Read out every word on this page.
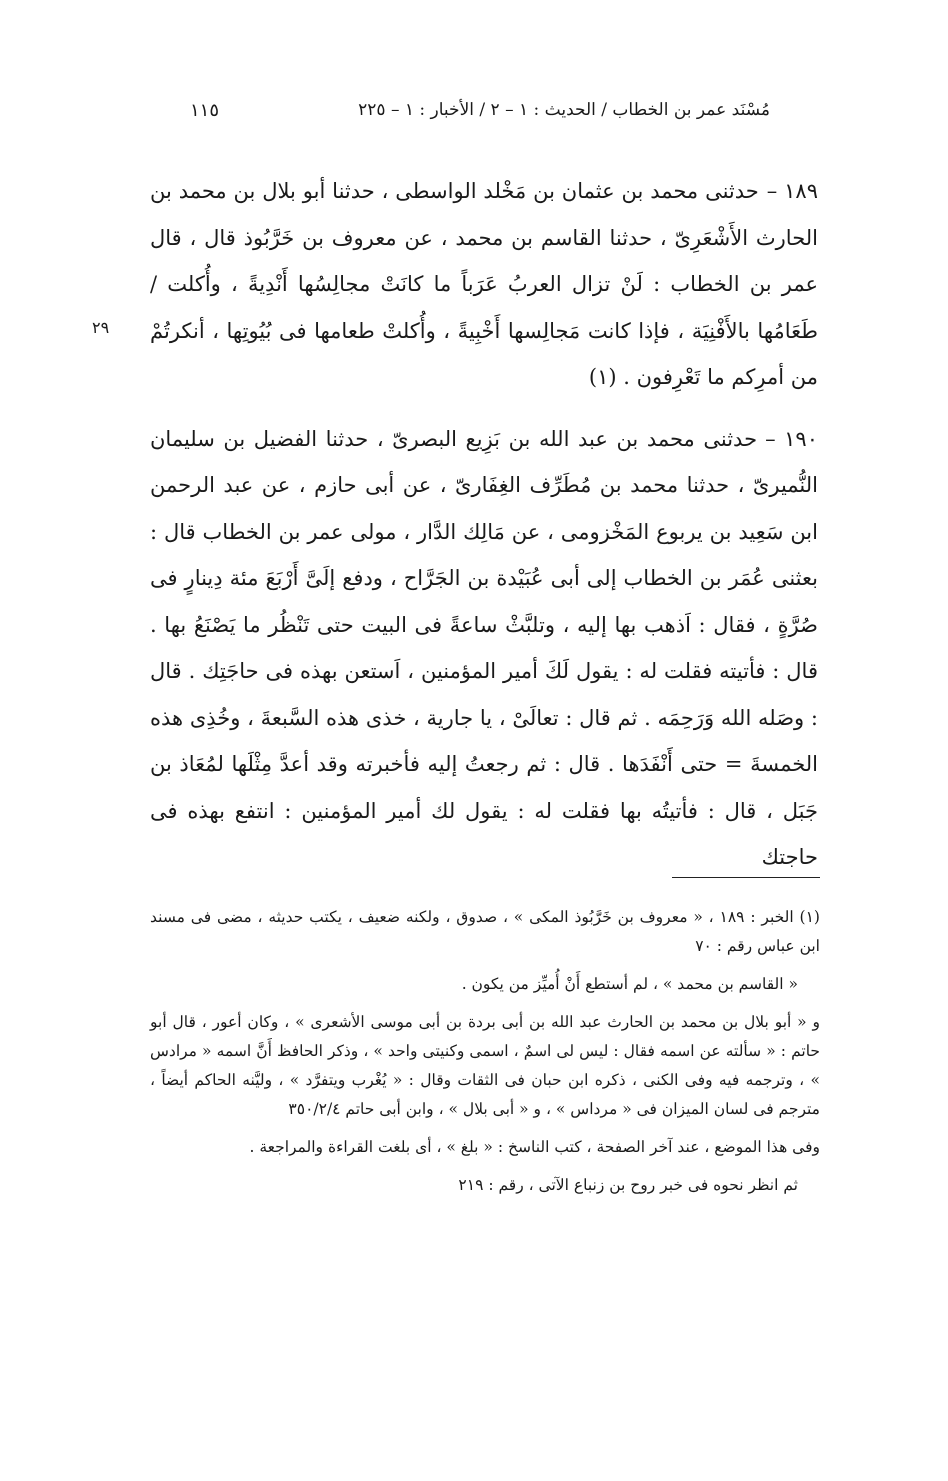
مُسْنَد عمر بن الخطاب / الحديث : ١ – ٢ / الأخبار : ١ – ٢٢٥
١١٥
٢٩

١٨٩ –حدثنى محمد بن عثمان بن مَخْلد الواسطى ، حدثنا أبو بلال بن محمد بن الحارث الأَشْعَرِىّ ، حدثنا القاسم بن محمد ، عن معروف بن خَرَّبُوذ قال ، قال عمر بن الخطاب : لَنْ تزال العربُ عَرَباً ما كانَتْ مجالِسُها أَنْدِيةً ، وأُكلت / طَعَامُها بالأَفْنِيَة ، فإذا كانت مَجالِسها أَخْبِيةً ، وأُكلتْ طعامها فى بُيُوتِها ، أنكرتُمْ من أمرِكم ما تَعْرِفون . (١)

١٩٠ –حدثنى محمد بن عبد الله بن بَزِيع البصرىّ ، حدثنا الفضيل بن سليمان النُّميرىّ ، حدثنا محمد بن مُطَرِّف الغِفَارىّ ، عن أبى حازم ، عن عبد الرحمن ابن سَعِيد بن يربوع المَخْزومى ، عن مَالِك الدَّار ، مولى عمر بن الخطاب قال : بعثنى عُمَر بن الخطاب إلى أبى عُبَيْدة بن الجَرَّاح ، ودفع إلَىَّ أَرْبَعَ مئة دِينارٍ فى صُرَّةٍ ، فقال : اَذهب بها إليه ، وتلبَّثْ ساعةً فى البيت حتى تَنْظُر ما يَصْنَعُ بها . قال : فأتيته فقلت له : يقول لَكَ أمير المؤمنين ، اَستعن بهذه فى حاجَتِك . قال : وصَله الله وَرَحِمَه . ثم قال : تعالَىْ ، يا جارية ، خذى هذه السَّبعةَ ، وخُذِى هذه الخمسةَ = حتى أَنْفَدَها . قال : ثم رجعتُ إليه فأخبرته وقد أعدَّ مِثْلَها لمُعَاذ بن جَبَل ، قال : فأتيتُه بها فقلت له : يقول لك أمير المؤمنين : انتفع بهذه فى حاجتك

(١) الخبر : ١٨٩ ، « معروف بن خَرَّبُوذ المكى » ، صدوق ، ولكنه ضعيف ، يكتب حديثه ، مضى فى مسند ابن عباس رقم : ٧٠

« القاسم بن محمد » ، لم أستطع أَنْ أُميِّز من يكون .

و « أبو بلال بن محمد بن الحارث عبد الله بن أبى بردة بن أبى موسى الأشعرى » ، وكان أعور ، قال أبو حاتم : « سألته عن اسمه فقال : ليس لى اسمٌ ، اسمى وكنيتى واحد » ، وذكر الحافظ أَنَّ اسمه « مرادس » ، وترجمه فيه وفى الكنى ، ذكره ابن حبان فى الثقات وقال : « يُغْرب ويتفرَّد » ، وليَّنه الحاكم أيضاً ، مترجم فى لسان الميزان فى « مرداس » ، و « أبى بلال » ، وابن أبى حاتم ٣٥٠/٢/٤

وفى هذا الموضع ، عند آخر الصفحة ، كتب الناسخ : « بلغ » ، أى بلغت القراءة والمراجعة .

ثم انظر نحوه فى خبر روح بن زنباع الآتى ، رقم : ٢١٩
